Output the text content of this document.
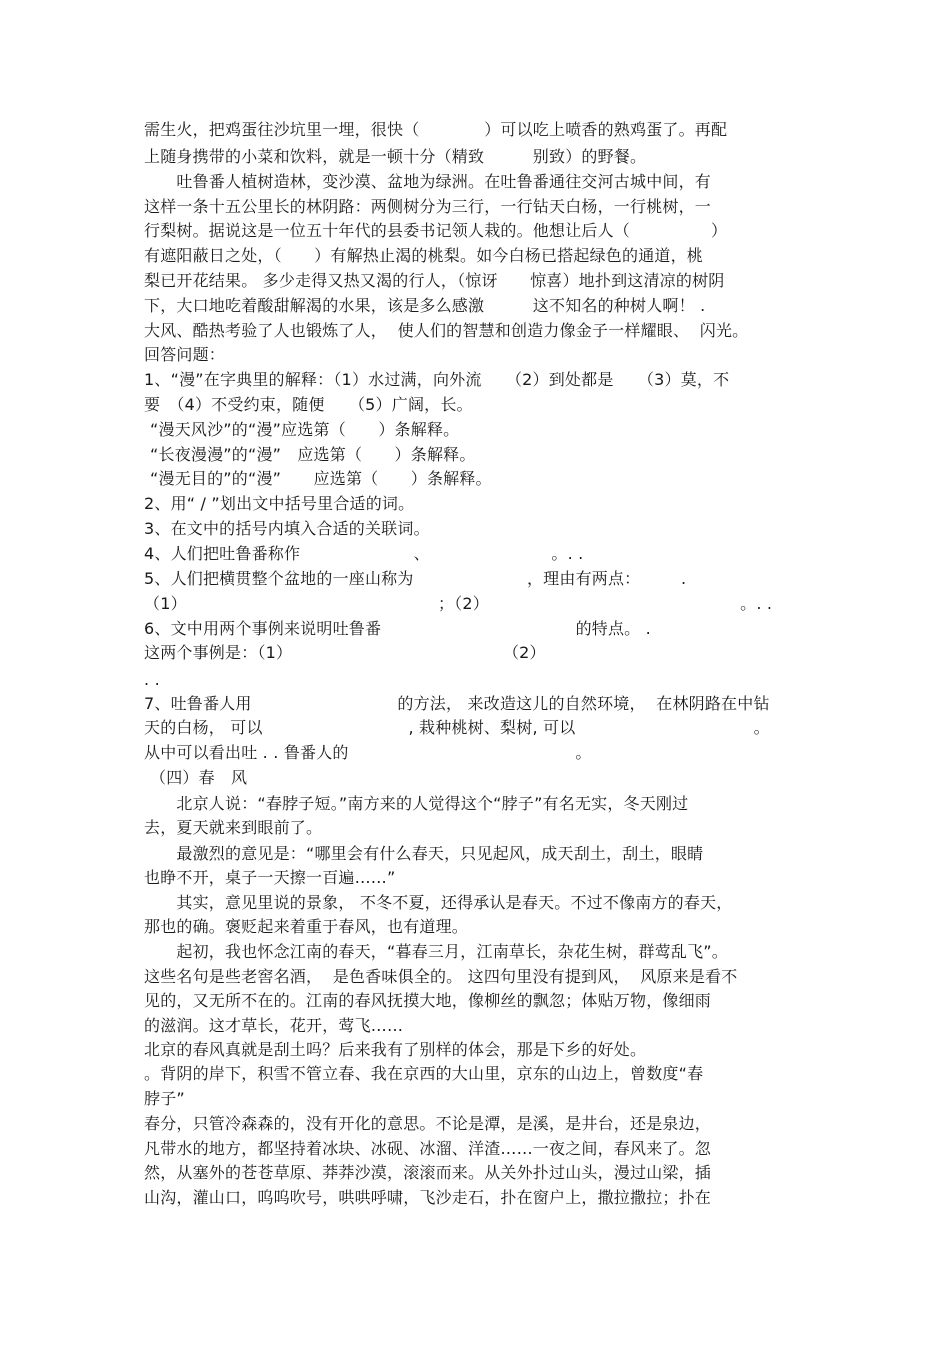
需生火，把鸡蛋往沙坑里一埋，很快（　　　　）可以吃上喷香的熟鸡蛋了。再配
上随身携带的小菜和饮料，就是一顿十分（精致　　　别致）的野餐。
　　吐鲁番人植树造林，变沙漠、盆地为绿洲。在吐鲁番通往交河古城中间，有
这样一条十五公里长的林阴路：两侧树分为三行，一行钻天白杨，一行桃树，一
行梨树。据说这是一位五十年代的县委书记领人栽的。他想让后人（　　　　　）
有遮阳蔽日之处，（　　）有解热止渴的桃梨。如今白杨已搭起绿色的通道，桃
梨已开花结果。 多少走得又热又渴的行人，（惊讶　　惊喜）地扑到这清凉的树阴
下，大口地吃着酸甜解渴的水果，该是多么感激　　　这不知名的种树人啊！ .
大风、酷热考验了人也锻炼了人，  使人们的智慧和创造力像金子一样耀眼、  闪光。
回答问题：
1、“漫”在字典里的解释：（1）水过满，向外流　　（2）到处都是　　（3）莫，不
要　（4）不受约束，随便　　（5）广阔，长。
“漫天风沙”的“漫”应选第（　　）条解释。
“长夜漫漫”的“漫”　应选第（　　）条解释。
“漫无目的”的“漫”　　应选第（　　）条解释。
2、用“ / ”划出文中括号里合适的词。
3、在文中的括号内填入合适的关联词。
4、人们把吐鲁番称作　　　　　　　、　　　　　　　　。. .
5、人们把横贯整个盆地的一座山称为　　　　　　　，理由有两点：　　　.
（1）　　　　　　　　　　　　　　　　；（2）　　　　　　　　　　　　　　　　。. .
6、文中用两个事例来说明吐鲁番　　　　　　　　　　　　的特点。 .
这两个事例是：（1）　　　　　　　　　　　　　　（2）
. .
7、吐鲁番人用　　　　　　　　　的方法， 来改造这儿的自然环境，  在林阴路在中钻
天的白杨， 可以　　　　　　　　　, 栽种桃树、梨树, 可以　　　　　　　　　　　。
从中可以看出吐 . . 鲁番人的　　　　　　　　　　　　　　。
（四）春　风
　　北京人说：“春脖子短。”南方来的人觉得这个“脖子”有名无实，冬天刚过
去，夏天就来到眼前了。
　　最激烈的意见是：“哪里会有什么春天，只见起风，成天刮土，刮土，眼睛
也睁不开，桌子一天擦一百遍……”
　　其实，意见里说的景象， 不冬不夏，还得承认是春天。不过不像南方的春天，
那也的确。褒贬起来着重于春风，也有道理。
　　起初，我也怀念江南的春天，“暮春三月，江南草长，杂花生树，群莺乱飞”。
这些名句是些老窖名酒，  是色香味俱全的。 这四句里没有提到风，  风原来是看不
见的，又无所不在的。江南的春风抚摸大地，像柳丝的飘忽；体贴万物，像细雨
的滋润。这才草长，花开，莺飞……
北京的春风真就是刮土吗？后来我有了别样的体会，那是下乡的好处。
。背阴的岸下，积雪不管立春、我在京西的大山里，京东的山边上，曾数度“春
脖子”
春分，只管冷森森的，没有开化的意思。不论是潭，是溪，是井台，还是泉边，
凡带水的地方，都坚持着冰块、冰砚、冰溜、洋渣……一夜之间，春风来了。忽
然，从塞外的苍苍草原、莽莽沙漠，滚滚而来。从关外扑过山头，漫过山梁，插
山沟，灌山口，呜呜吹号，哄哄呼啸，飞沙走石，扑在窗户上，撒拉撒拉；扑在
